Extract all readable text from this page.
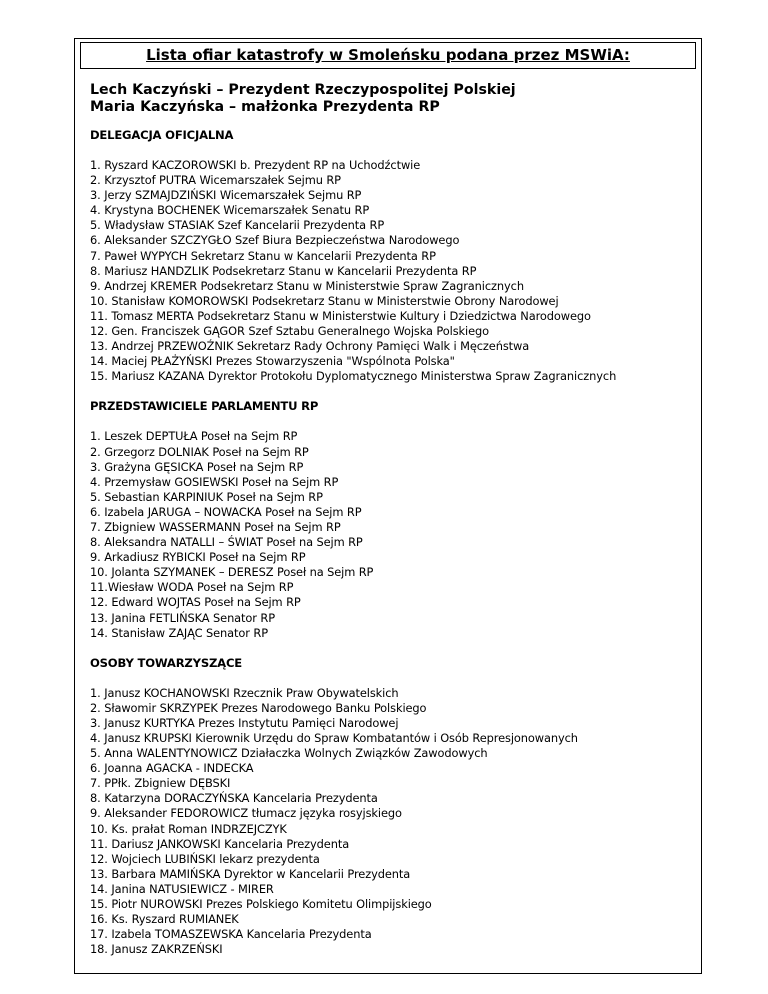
Lista ofiar katastrofy w Smoleńsku podana przez MSWiA:
Lech Kaczyński – Prezydent Rzeczypospolitej Polskiej
Maria Kaczyńska – małżonka Prezydenta RP

DELEGACJA OFICJALNA

1. Ryszard KACZOROWSKI b. Prezydent RP na Uchodźctwie
2. Krzysztof PUTRA Wicemarszałek Sejmu RP
3. Jerzy SZMAJDZIŃSKI Wicemarszałek Sejmu RP
4. Krystyna BOCHENEK Wicemarszałek Senatu RP
5. Władysław STASIAK Szef Kancelarii Prezydenta RP
6. Aleksander SZCZYGŁO Szef Biura Bezpieczeństwa Narodowego
7. Paweł WYPYCH Sekretarz Stanu w Kancelarii Prezydenta RP
8. Mariusz HANDZLIK Podsekretarz Stanu w Kancelarii Prezydenta RP
9. Andrzej KREMER Podsekretarz Stanu w Ministerstwie Spraw Zagranicznych
10. Stanisław KOMOROWSKI Podsekretarz Stanu w Ministerstwie Obrony Narodowej
11. Tomasz MERTA Podsekretarz Stanu w Ministerstwie Kultury i Dziedzictwa Narodowego
12. Gen. Franciszek GĄGOR Szef Sztabu Generalnego Wojska Polskiego
13. Andrzej PRZEWOŹNIK Sekretarz Rady Ochrony Pamięci Walk i Męczeństwa
14. Maciej PŁAŻYŃSKI Prezes Stowarzyszenia "Wspólnota Polska"
15. Mariusz KAZANA Dyrektor Protokołu Dyplomatycznego Ministerstwa Spraw Zagranicznych

PRZEDSTAWICIELE PARLAMENTU RP

1. Leszek DEPTUŁA Poseł na Sejm RP
2. Grzegorz DOLNIAK Poseł na Sejm RP
3. Grażyna GĘSICKA Poseł na Sejm RP
4. Przemysław GOSIEWSKI Poseł na Sejm RP
5. Sebastian KARPINIUK Poseł na Sejm RP
6. Izabela JARUGA – NOWACKA Poseł na Sejm RP
7. Zbigniew WASSERMANN Poseł na Sejm RP
8. Aleksandra NATALLI – ŚWIAT Poseł na Sejm RP
9. Arkadiusz RYBICKI Poseł na Sejm RP
10. Jolanta SZYMANEK – DERESZ Poseł na Sejm RP
11.Wiesław WODA Poseł na Sejm RP
12. Edward WOJTAS Poseł na Sejm RP
13. Janina FETLIŃSKA Senator RP
14. Stanisław ZAJĄC Senator RP

OSOBY TOWARZYSZĄCE

1. Janusz KOCHANOWSKI Rzecznik Praw Obywatelskich
2. Sławomir SKRZYPEK Prezes Narodowego Banku Polskiego
3. Janusz KURTYKA Prezes Instytutu Pamięci Narodowej
4. Janusz KRUPSKI Kierownik Urzędu do Spraw Kombatantów i Osób Represjonowanych
5. Anna WALENTYNOWICZ Działaczka Wolnych Związków Zawodowych
6. Joanna AGACKA - INDECKA
7. PPłk. Zbigniew DĘBSKI
8. Katarzyna DORACZYŃSKA Kancelaria Prezydenta
9. Aleksander FEDOROWICZ tłumacz języka rosyjskiego
10. Ks. prałat Roman INDRZEJCZYK
11. Dariusz JANKOWSKI Kancelaria Prezydenta
12. Wojciech LUBIŃSKI lekarz prezydenta
13. Barbara MAMIŃSKA Dyrektor w Kancelarii Prezydenta
14. Janina NATUSIEWICZ - MIRER
15. Piotr NUROWSKI Prezes Polskiego Komitetu Olimpijskiego
16. Ks. Ryszard RUMIANEK
17. Izabela TOMASZEWSKA Kancelaria Prezydenta
18. Janusz ZAKRZEŃSKI
